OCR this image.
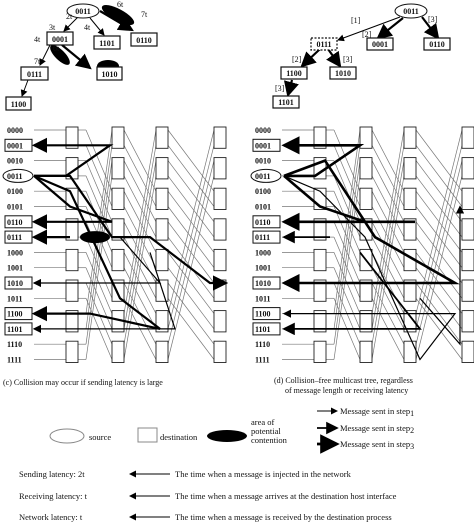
0011
0001	1101	0110
0111	1010
1100
2t
3t
4t
4t
6t
6t
7t
7t
0011
0111	0001	0110
1100	1010
1101
[1]
[2]
[3]
[2]	[3]
[3]
0000
0001
0010
0011
0100
0101
0110
0111
1000
1001
1010
1011
1100
1101
1110
1111
0000
0001
0010
0011
0100
0101
0110
0111
1000
1001
1010
1011
1100
1101
1110
1111
(c) Collision may occur if sending latency is large	(d) Collision–free multicast tree, regardless
of message length or receiving latency
source	destination
area of
potential
contention
Message sent in step1
Message sent in step2
Message sent in step3
Sending latency: 2t	The time when a message is injected in the network
Receiving latency: t	The time when a message arrives at the destination host interface
Network latency: t	The time when a message is received by the destination process
